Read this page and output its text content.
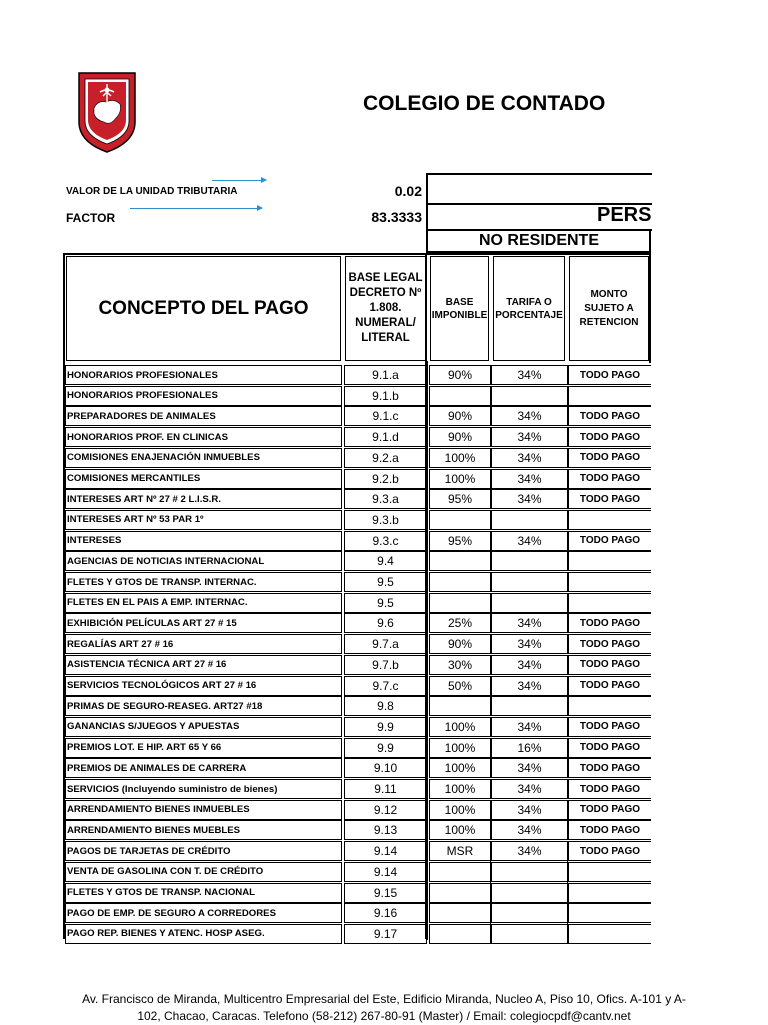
COLEGIO DE CONTADO
VALOR DE LA UNIDAD TRIBUTARIA	0.02
FACTOR	83.3333	PERS
NO RESIDENTE
CONCEPTO DEL PAGO
BASE LEGAL
DECRETO Nº
1.808.
NUMERAL/
LITERAL
BASE
IMPONIBLE
TARIFA O
PORCENTAJE
MONTO
SUJETO A
RETENCION
HONORARIOS PROFESIONALES	9.1.a	90%	34%	TODO PAGO
HONORARIOS PROFESIONALES	9.1.b
PREPARADORES DE ANIMALES	9.1.c	90%	34%	TODO PAGO
HONORARIOS PROF. EN CLINICAS	9.1.d	90%	34%	TODO PAGO
COMISIONES ENAJENACIÓN INMUEBLES	9.2.a	100%	34%	TODO PAGO
COMISIONES MERCANTILES	9.2.b	100%	34%	TODO PAGO
INTERESES ART Nº 27 # 2 L.I.S.R.	9.3.a	95%	34%	TODO PAGO
INTERESES ART Nº 53 PAR 1º	9.3.b
INTERESES	9.3.c	95%	34%	TODO PAGO
AGENCIAS DE NOTICIAS INTERNACIONAL	9.4
FLETES Y GTOS DE TRANSP. INTERNAC.	9.5
FLETES EN EL PAIS A EMP. INTERNAC.	9.5
EXHIBICIÓN PELÍCULAS ART 27 # 15	9.6	25%	34%	TODO PAGO
REGALÍAS ART 27 # 16	9.7.a	90%	34%	TODO PAGO
ASISTENCIA TÉCNICA ART 27 # 16	9.7.b	30%	34%	TODO PAGO
SERVICIOS TECNOLÓGICOS ART 27 # 16	9.7.c	50%	34%	TODO PAGO
PRIMAS DE SEGURO-REASEG. ART27 #18	9.8
GANANCIAS S/JUEGOS Y APUESTAS	9.9	100%	34%	TODO PAGO
PREMIOS LOT. E HIP. ART 65 Y 66	9.9	100%	16%	TODO PAGO
PREMIOS DE ANIMALES DE CARRERA	9.10	100%	34%	TODO PAGO
SERVICIOS (Incluyendo suministro de bienes)	9.11	100%	34%	TODO PAGO
ARRENDAMIENTO BIENES INMUEBLES	9.12	100%	34%	TODO PAGO
ARRENDAMIENTO BIENES MUEBLES	9.13	100%	34%	TODO PAGO
PAGOS DE TARJETAS DE CRÉDITO	9.14	MSR	34%	TODO PAGO
VENTA DE GASOLINA CON T. DE CRÉDITO	9.14
FLETES Y GTOS DE TRANSP. NACIONAL	9.15
PAGO DE EMP. DE SEGURO A CORREDORES	9.16
PAGO REP. BIENES Y ATENC. HOSP ASEG.	9.17
Av. Francisco de Miranda, Multicentro Empresarial del Este, Edificio Miranda, Nucleo A, Piso 10, Ofics. A-101 y A-
102, Chacao, Caracas. Telefono (58-212) 267-80-91 (Master) / Email: colegiocpdf@cantv.net
